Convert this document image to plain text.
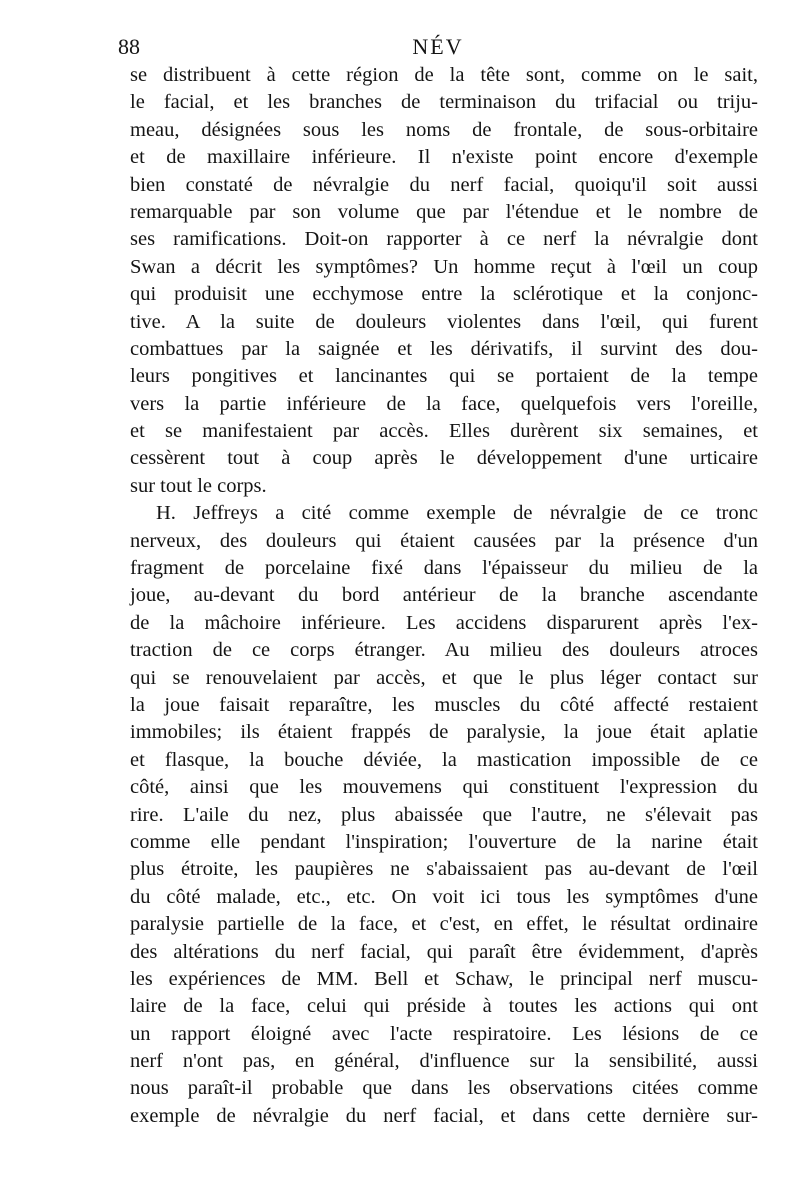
88	NÉV
se distribuent à cette région de la tête sont, comme on le sait,
le facial, et les branches de terminaison du trifacial ou triju-
meau, désignées sous les noms de frontale, de sous-orbitaire
et de maxillaire inférieure. Il n'existe point encore d'exemple
bien constaté de névralgie du nerf facial, quoiqu'il soit aussi
remarquable par son volume que par l'étendue et le nombre de
ses ramifications. Doit-on rapporter à ce nerf la névralgie dont
Swan a décrit les symptômes? Un homme reçut à l'œil un coup
qui produisit une ecchymose entre la sclérotique et la conjonc-
tive. A la suite de douleurs violentes dans l'œil, qui furent
combattues par la saignée et les dérivatifs, il survint des dou-
leurs pongitives et lancinantes qui se portaient de la tempe
vers la partie inférieure de la face, quelquefois vers l'oreille,
et se manifestaient par accès. Elles durèrent six semaines, et
cessèrent tout à coup après le développement d'une urticaire
sur tout le corps.
H. Jeffreys a cité comme exemple de névralgie de ce tronc
nerveux, des douleurs qui étaient causées par la présence d'un
fragment de porcelaine fixé dans l'épaisseur du milieu de la
joue, au-devant du bord antérieur de la branche ascendante
de la mâchoire inférieure. Les accidens disparurent après l'ex-
traction de ce corps étranger. Au milieu des douleurs atroces
qui se renouvelaient par accès, et que le plus léger contact sur
la joue faisait reparaître, les muscles du côté affecté restaient
immobiles; ils étaient frappés de paralysie, la joue était aplatie
et flasque, la bouche déviée, la mastication impossible de ce
côté, ainsi que les mouvemens qui constituent l'expression du
rire. L'aile du nez, plus abaissée que l'autre, ne s'élevait pas
comme elle pendant l'inspiration; l'ouverture de la narine était
plus étroite, les paupières ne s'abaissaient pas au-devant de l'œil
du côté malade, etc., etc. On voit ici tous les symptômes d'une
paralysie partielle de la face, et c'est, en effet, le résultat ordinaire
des altérations du nerf facial, qui paraît être évidemment, d'après
les expériences de MM. Bell et Schaw, le principal nerf muscu-
laire de la face, celui qui préside à toutes les actions qui ont
un rapport éloigné avec l'acte respiratoire. Les lésions de ce
nerf n'ont pas, en général, d'influence sur la sensibilité, aussi
nous paraît-il probable que dans les observations citées comme
exemple de névralgie du nerf facial, et dans cette dernière sur-
